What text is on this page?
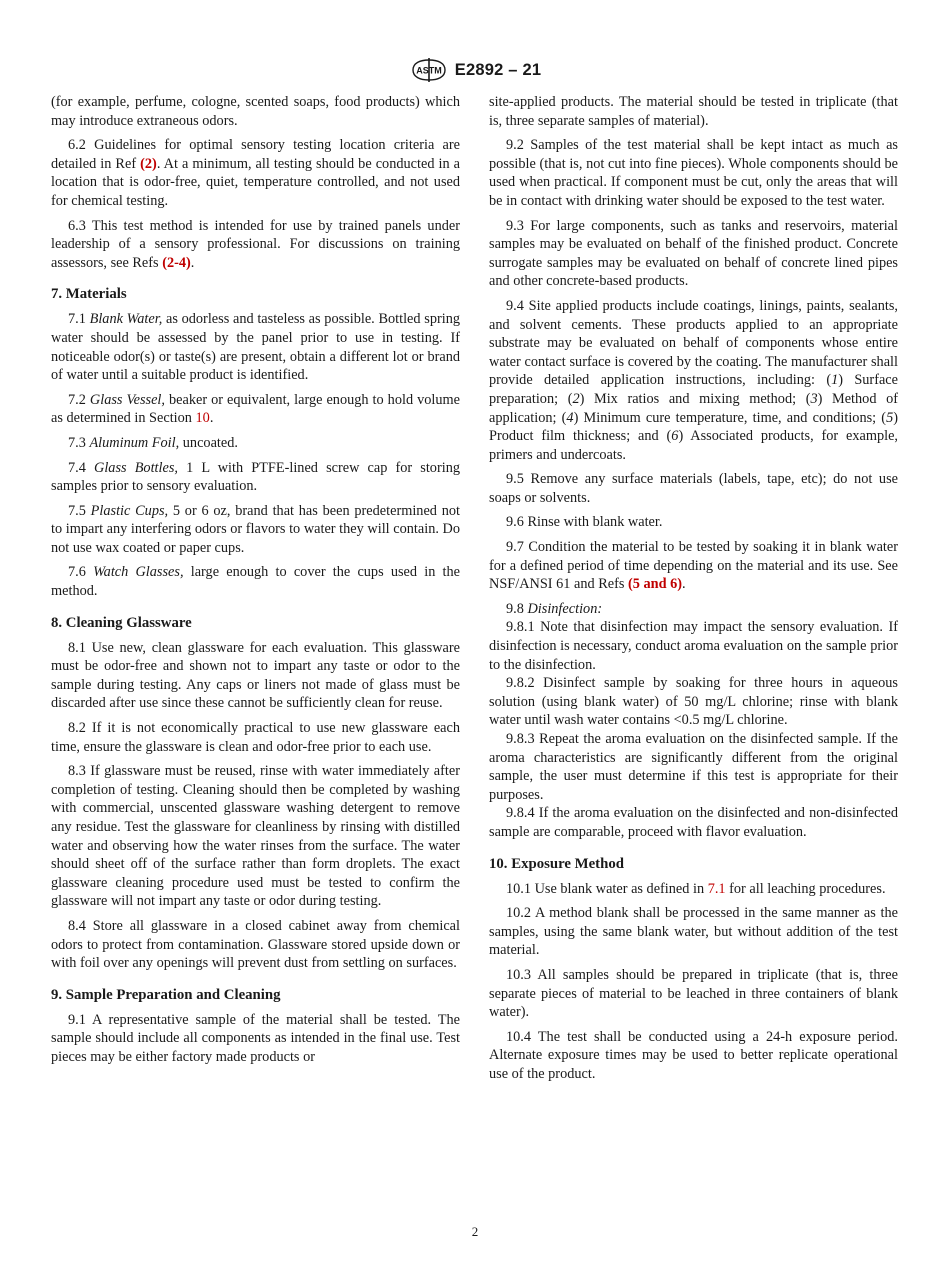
ASTM E2892 – 21

(for example, perfume, cologne, scented soaps, food products) which may introduce extraneous odors.

6.2 Guidelines for optimal sensory testing location criteria are detailed in Ref (2). At a minimum, all testing should be conducted in a location that is odor-free, quiet, temperature controlled, and not used for chemical testing.

6.3 This test method is intended for use by trained panels under leadership of a sensory professional. For discussions on training assessors, see Refs (2-4).

7. Materials

7.1 Blank Water, as odorless and tasteless as possible. Bottled spring water should be assessed by the panel prior to use in testing. If noticeable odor(s) or taste(s) are present, obtain a different lot or brand of water until a suitable product is identified.

7.2 Glass Vessel, beaker or equivalent, large enough to hold volume as determined in Section 10.

7.3 Aluminum Foil, uncoated.

7.4 Glass Bottles, 1 L with PTFE-lined screw cap for storing samples prior to sensory evaluation.

7.5 Plastic Cups, 5 or 6 oz, brand that has been predetermined not to impart any interfering odors or flavors to water they will contain. Do not use wax coated or paper cups.

7.6 Watch Glasses, large enough to cover the cups used in the method.

8. Cleaning Glassware

8.1 Use new, clean glassware for each evaluation. This glassware must be odor-free and shown not to impart any taste or odor to the sample during testing. Any caps or liners not made of glass must be discarded after use since these cannot be sufficiently clean for reuse.

8.2 If it is not economically practical to use new glassware each time, ensure the glassware is clean and odor-free prior to each use.

8.3 If glassware must be reused, rinse with water immediately after completion of testing. Cleaning should then be completed by washing with commercial, unscented glassware washing detergent to remove any residue. Test the glassware for cleanliness by rinsing with distilled water and observing how the water rinses from the surface. The water should sheet off of the surface rather than form droplets. The exact glassware cleaning procedure used must be tested to confirm the glassware will not impart any taste or odor during testing.

8.4 Store all glassware in a closed cabinet away from chemical odors to protect from contamination. Glassware stored upside down or with foil over any openings will prevent dust from settling on surfaces.

9. Sample Preparation and Cleaning

9.1 A representative sample of the material shall be tested. The sample should include all components as intended in the final use. Test pieces may be either factory made products or

site-applied products. The material should be tested in triplicate (that is, three separate samples of material).

9.2 Samples of the test material shall be kept intact as much as possible (that is, not cut into fine pieces). Whole components should be used when practical. If component must be cut, only the areas that will be in contact with drinking water should be exposed to the test water.

9.3 For large components, such as tanks and reservoirs, material samples may be evaluated on behalf of the finished product. Concrete surrogate samples may be evaluated on behalf of concrete lined pipes and other concrete-based products.

9.4 Site applied products include coatings, linings, paints, sealants, and solvent cements. These products applied to an appropriate substrate may be evaluated on behalf of components whose entire water contact surface is covered by the coating. The manufacturer shall provide detailed application instructions, including: (1) Surface preparation; (2) Mix ratios and mixing method; (3) Method of application; (4) Minimum cure temperature, time, and conditions; (5) Product film thickness; and (6) Associated products, for example, primers and undercoats.

9.5 Remove any surface materials (labels, tape, etc); do not use soaps or solvents.

9.6 Rinse with blank water.

9.7 Condition the material to be tested by soaking it in blank water for a defined period of time depending on the material and its use. See NSF/ANSI 61 and Refs (5 and 6).

9.8 Disinfection:

9.8.1 Note that disinfection may impact the sensory evaluation. If disinfection is necessary, conduct aroma evaluation on the sample prior to the disinfection.

9.8.2 Disinfect sample by soaking for three hours in aqueous solution (using blank water) of 50 mg/L chlorine; rinse with blank water until wash water contains <0.5 mg/L chlorine.

9.8.3 Repeat the aroma evaluation on the disinfected sample. If the aroma characteristics are significantly different from the original sample, the user must determine if this test is appropriate for their purposes.

9.8.4 If the aroma evaluation on the disinfected and non-disinfected sample are comparable, proceed with flavor evaluation.

10. Exposure Method

10.1 Use blank water as defined in 7.1 for all leaching procedures.

10.2 A method blank shall be processed in the same manner as the samples, using the same blank water, but without addition of the test material.

10.3 All samples should be prepared in triplicate (that is, three separate pieces of material to be leached in three containers of blank water).

10.4 The test shall be conducted using a 24-h exposure period. Alternate exposure times may be used to better replicate operational use of the product.

2
